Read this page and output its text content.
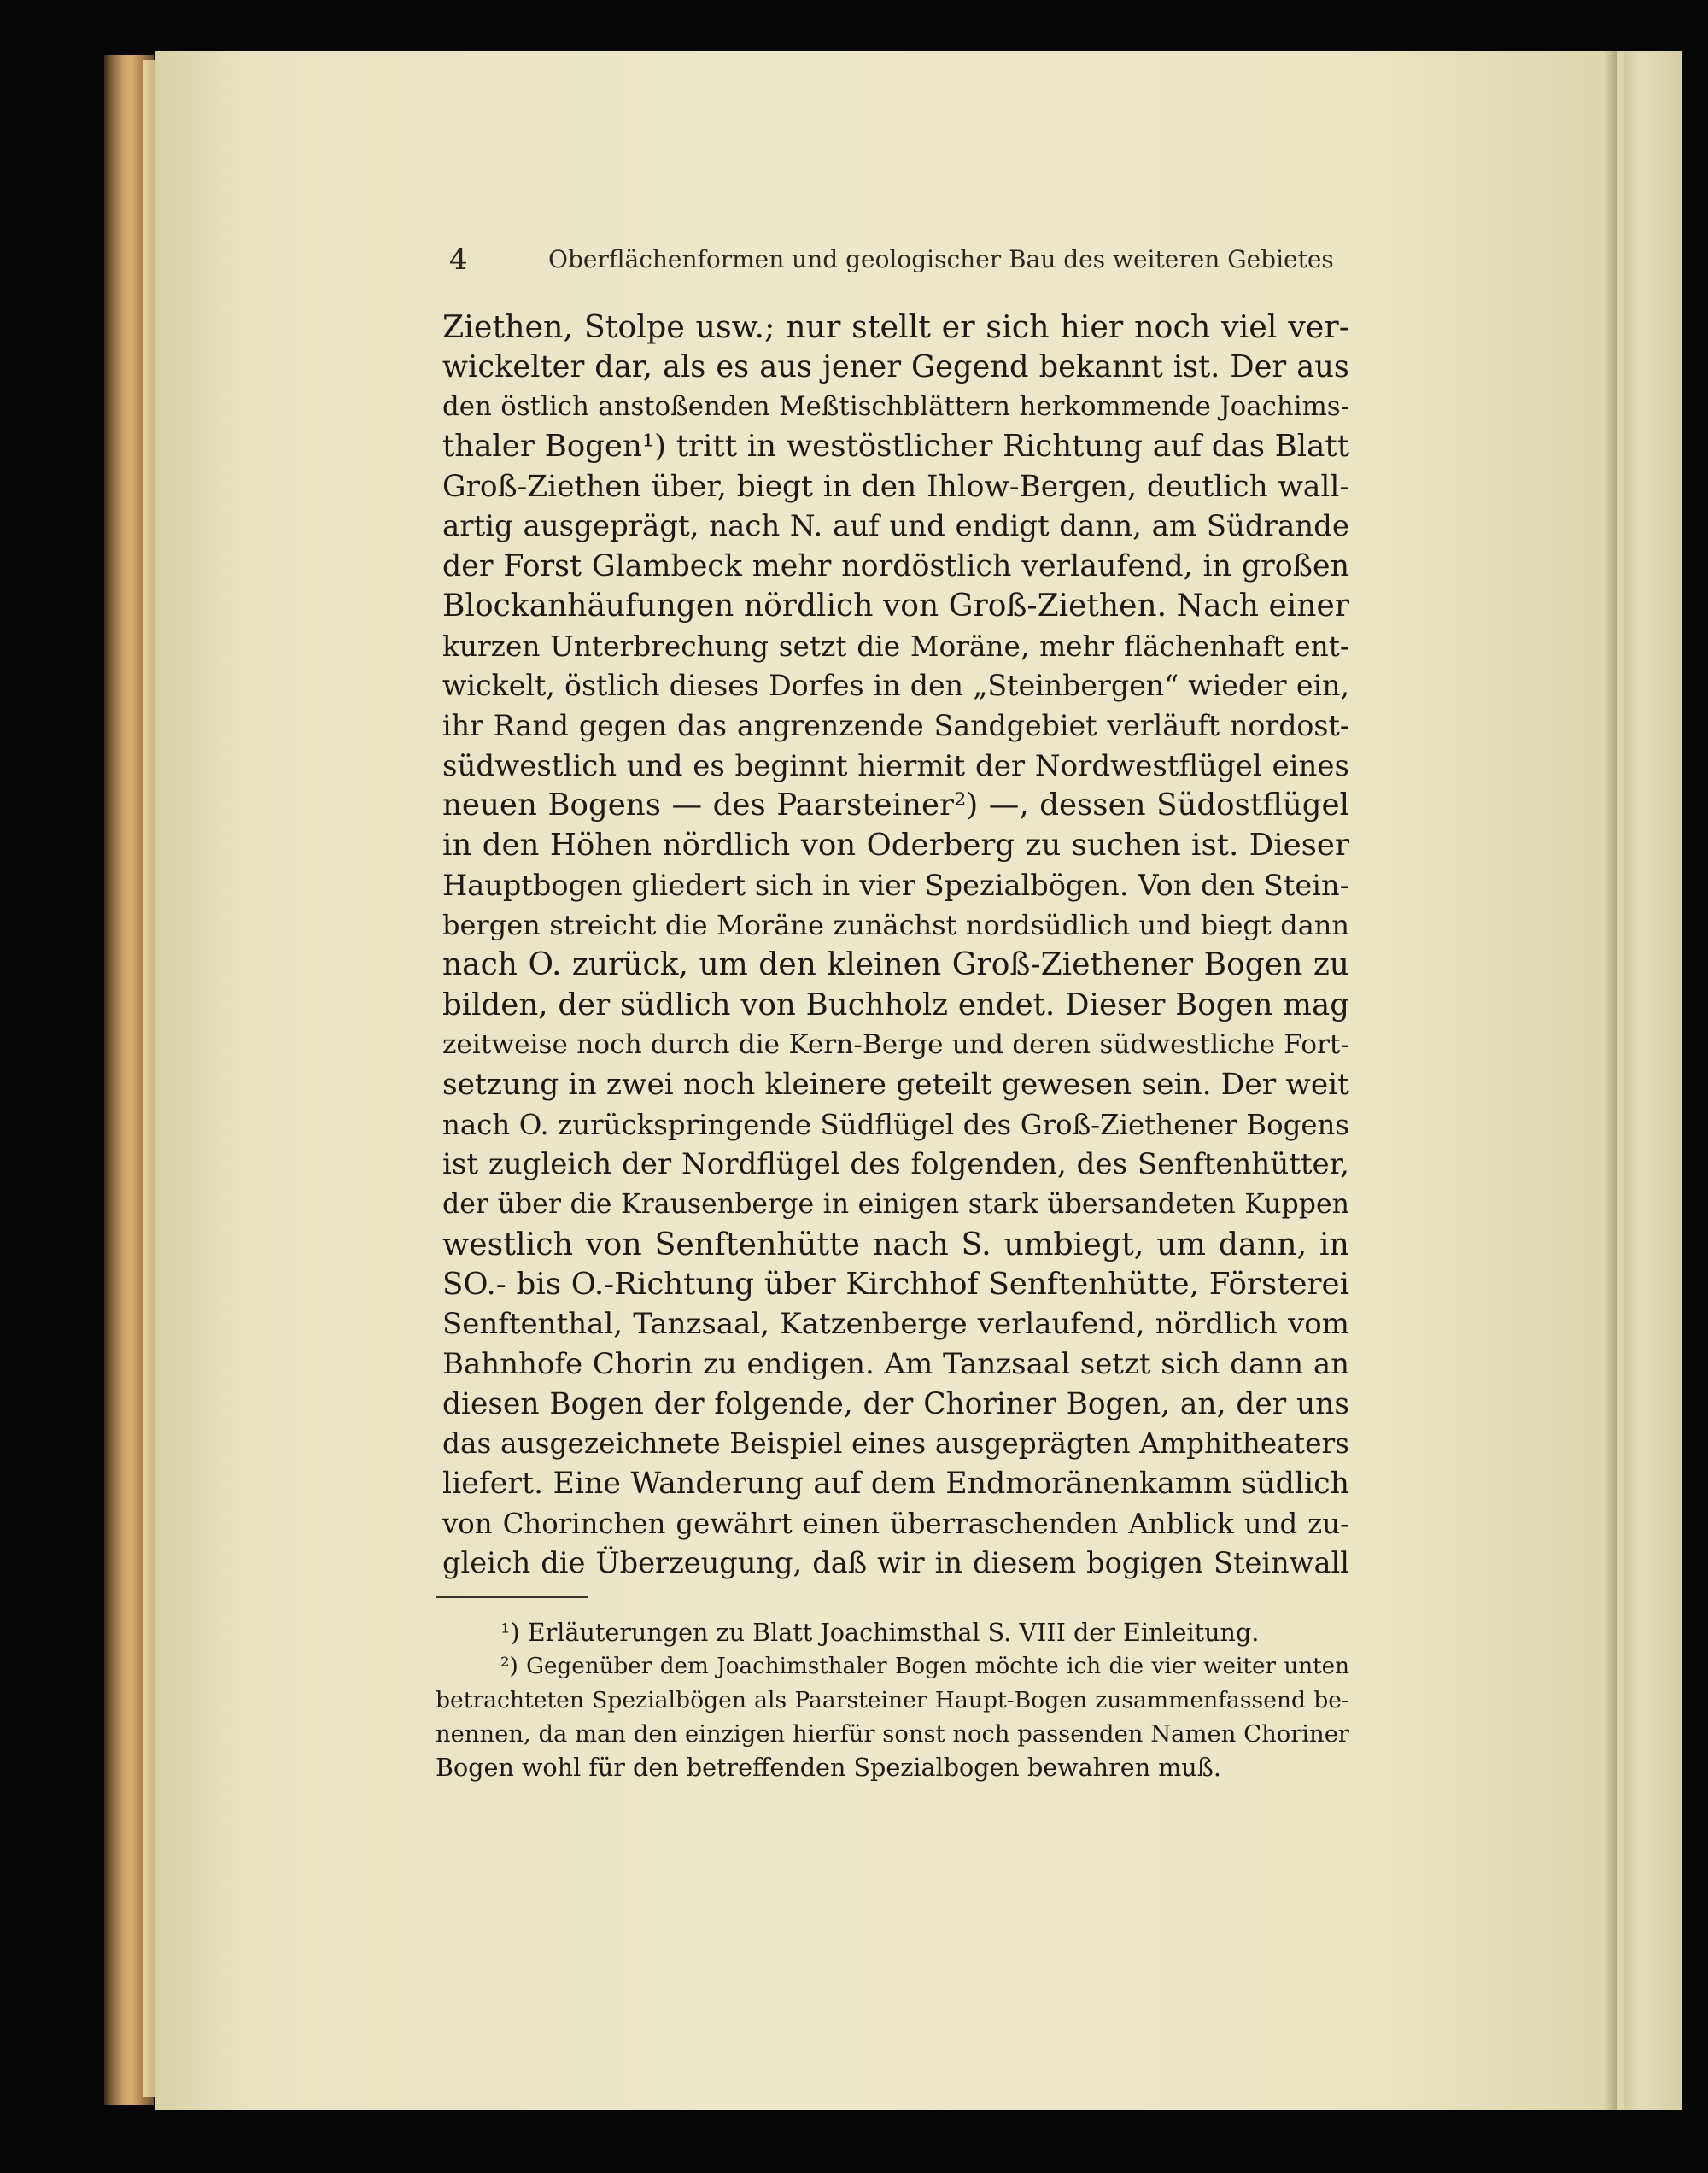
4	Oberflächenformen und geologischer Bau des weiteren Gebietes
Ziethen, Stolpe usw.; nur stellt er sich hier noch viel ver-
wickelter dar, als es aus jener Gegend bekannt ist. Der aus
den östlich anstoßenden Meßtischblättern herkommende Joachims-
thaler Bogen¹) tritt in westöstlicher Richtung auf das Blatt
Groß-Ziethen über, biegt in den Ihlow-Bergen, deutlich wall-
artig ausgeprägt, nach N. auf und endigt dann, am Südrande
der Forst Glambeck mehr nordöstlich verlaufend, in großen
Blockanhäufungen nördlich von Groß-Ziethen. Nach einer
kurzen Unterbrechung setzt die Moräne, mehr flächenhaft ent-
wickelt, östlich dieses Dorfes in den „Steinbergen“ wieder ein,
ihr Rand gegen das angrenzende Sandgebiet verläuft nordost-
südwestlich und es beginnt hiermit der Nordwestflügel eines
neuen Bogens — des Paarsteiner²) —, dessen Südostflügel
in den Höhen nördlich von Oderberg zu suchen ist. Dieser
Hauptbogen gliedert sich in vier Spezialbögen. Von den Stein-
bergen streicht die Moräne zunächst nordsüdlich und biegt dann
nach O. zurück, um den kleinen Groß-Ziethener Bogen zu
bilden, der südlich von Buchholz endet. Dieser Bogen mag
zeitweise noch durch die Kern-Berge und deren südwestliche Fort-
setzung in zwei noch kleinere geteilt gewesen sein. Der weit
nach O. zurückspringende Südflügel des Groß-Ziethener Bogens
ist zugleich der Nordflügel des folgenden, des Senftenhütter,
der über die Krausenberge in einigen stark übersandeten Kuppen
westlich von Senftenhütte nach S. umbiegt, um dann, in
SO.- bis O.-Richtung über Kirchhof Senftenhütte, Försterei
Senftenthal, Tanzsaal, Katzenberge verlaufend, nördlich vom
Bahnhofe Chorin zu endigen. Am Tanzsaal setzt sich dann an
diesen Bogen der folgende, der Choriner Bogen, an, der uns
das ausgezeichnete Beispiel eines ausgeprägten Amphitheaters
liefert. Eine Wanderung auf dem Endmoränenkamm südlich
von Chorinchen gewährt einen überraschenden Anblick und zu-
gleich die Überzeugung, daß wir in diesem bogigen Steinwall
¹) Erläuterungen zu Blatt Joachimsthal S. VIII der Einleitung.
²) Gegenüber dem Joachimsthaler Bogen möchte ich die vier weiter unten
betrachteten Spezialbögen als Paarsteiner Haupt-Bogen zusammenfassend be-
nennen, da man den einzigen hierfür sonst noch passenden Namen Choriner
Bogen wohl für den betreffenden Spezialbogen bewahren muß.
